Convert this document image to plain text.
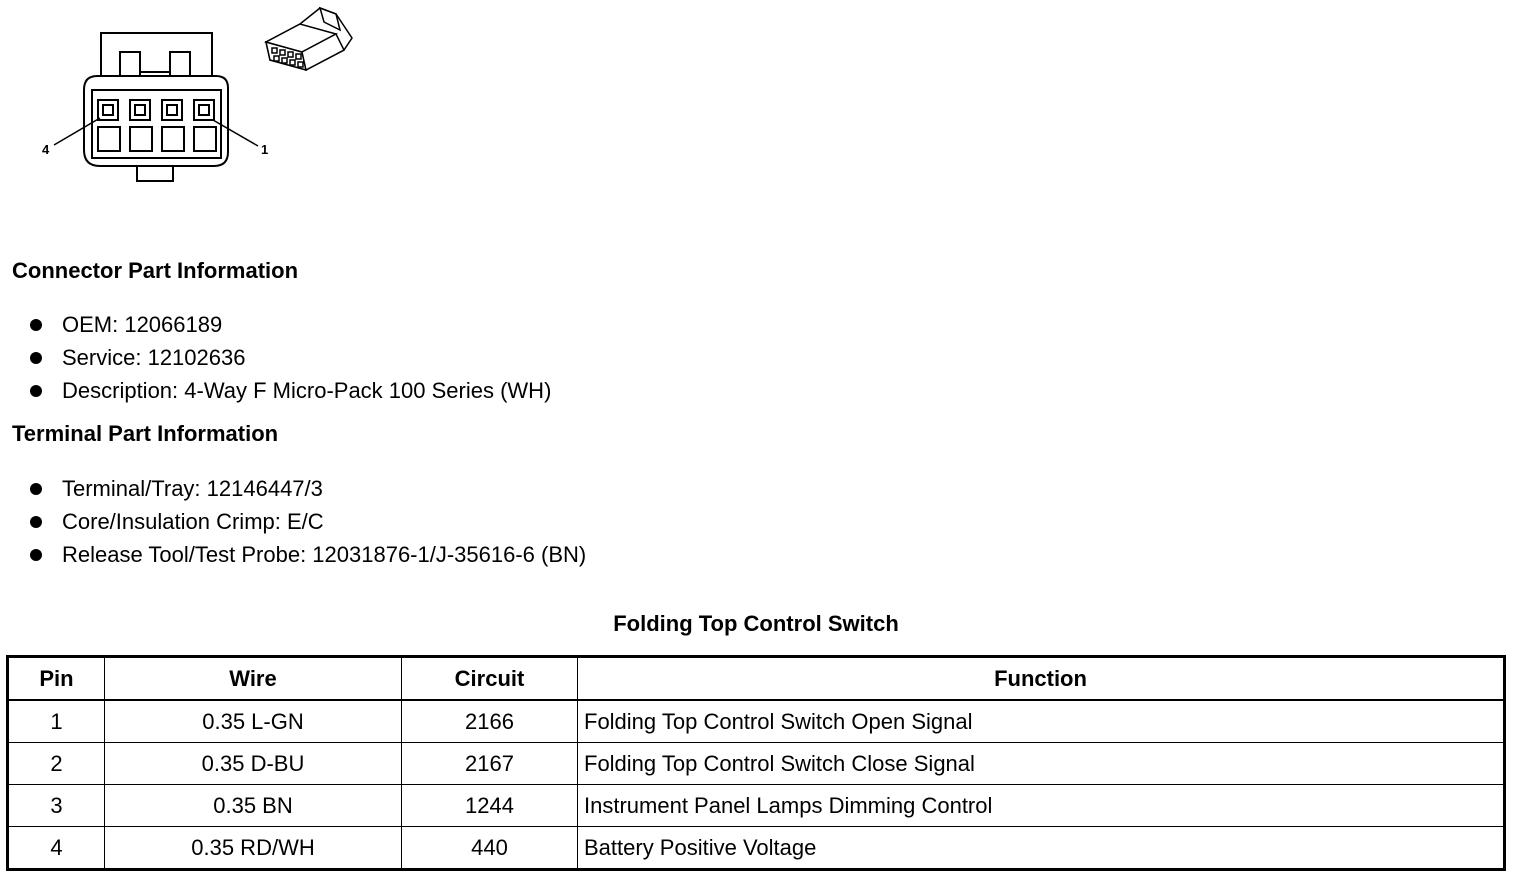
4	1
Connector Part Information
OEM: 12066189
Service: 12102636
Description: 4-Way F Micro-Pack 100 Series (WH)
Terminal Part Information
Terminal/Tray: 12146447/3
Core/Insulation Crimp: E/C
Release Tool/Test Probe: 12031876-1/J-35616-6 (BN)
Folding Top Control Switch
Pin	Wire	Circuit	Function
1	0.35 L-GN	2166	Folding Top Control Switch Open Signal
2	0.35 D-BU	2167	Folding Top Control Switch Close Signal
3	0.35 BN	1244	Instrument Panel Lamps Dimming Control
4	0.35 RD/WH	440	Battery Positive Voltage
